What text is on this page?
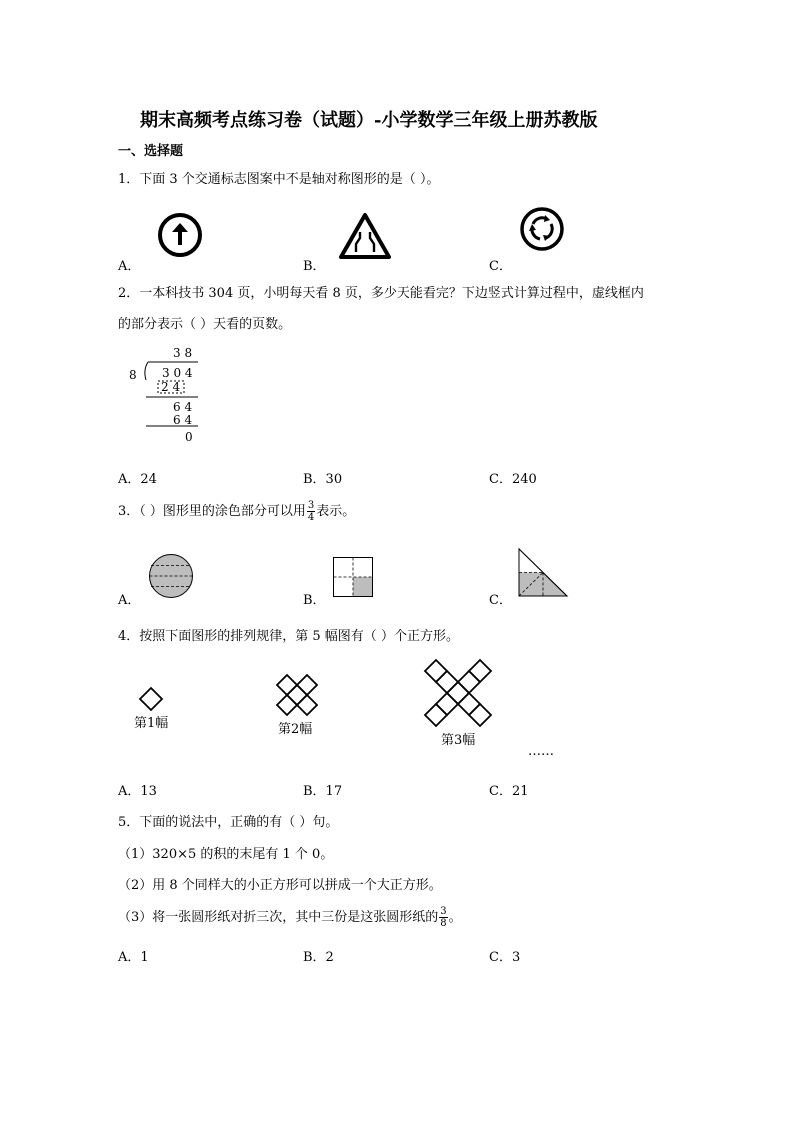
期末高频考点练习卷（试题）-小学数学三年级上册苏教版
一、选择题
1．下面 3 个交通标志图案中不是轴对称图形的是（ ）。
A．	B．	C．
2．一本科技书 304 页，小明每天看 8 页，多少天能看完？下边竖式计算过程中，虚线框内
的部分表示（ ）天看的页数。
3 8
8 3 0 4
2 4
6 4
6 4
0
A．24	B．30	C．240
3．（ ）图形里的涂色部分可以用 $\frac{3}{4}$ 表示。
A．	B．	C．
4．按照下面图形的排列规律，第 5 幅图有（ ）个正方形。
第1幅	第2幅
第3幅
……
A．13	B．17	C．21
5．下面的说法中，正确的有（ ）句。
（1）320×5 的积的末尾有 1 个 0。
（2）用 8 个同样大的小正方形可以拼成一个大正方形。
（3）将一张圆形纸对折三次，其中三份是这张圆形纸的 $\frac{3}{8}$ 。
A．1	B．2	C．3
